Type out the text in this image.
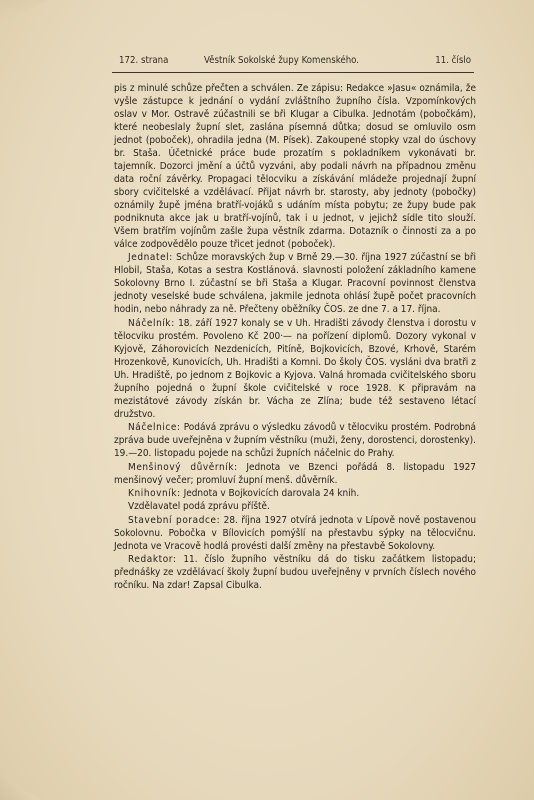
172. strana	Věstník Sokolské župy Komenského.	11. číslo

pis z minulé schůze přečten a schválen. Ze zápisu: Redakce »Jasu« oznámila, že vyšle zástupce k jednání o vydání zvláštního župního čísla. Vzpomínkových oslav v Mor. Ostravě zúčastnili se bři Klugar a Cibulka. Jednotám (pobočkám), které neobeslaly župní slet, zaslána písemná důtka; dosud se omluvilo osm jednot (poboček), ohradila jedna (M. Písek). Zakoupené stopky vzal do úschovy br. Staša. Účetnické práce bude prozatím s pokladníkem vykonávati br. tajemník. Dozorci jmění a účtů vyzváni, aby podali návrh na případnou změnu data roční závěrky. Propagaci tělocviku a získávání mládeže projednají župní sbory cvičitelské a vzdělávací. Přijat návrh br. starosty, aby jednoty (pobočky) oznámily župě jména bratří-vojáků s udáním místa pobytu; ze župy bude pak podniknuta akce jak u bratří-vojínů, tak i u jednot, v jejichž sídle tito slouží. Všem bratřím vojínům zašle župa věstník zdarma. Dotazník o činnosti za a po válce zodpovědělo pouze třicet jednot (poboček).

Jednatel: Schůze moravských žup v Brně 29.—30. října 1927 zúčastní se bři Hlobil, Staša, Kotas a sestra Kostlánová. slavnosti položení základního kamene Sokolovny Brno I. zúčastní se bři Staša a Klugar. Pracovní povinnost členstva jednoty veselské bude schválena, jakmile jednota ohlásí župě počet pracovních hodin, nebo náhrady za ně. Přečteny oběžníky ČOS. ze dne 7. a 17. října.

Náčelník: 18. září 1927 konaly se v Uh. Hradišti závody členstva i dorostu v tělocviku prostém. Povoleno Kč 200·— na pořízení diplomů. Dozory vykonal v Kyjově, Záhorovicích Nezdenicích, Pitíně, Bojkovicích, Bzové, Krhově, Starém Hrozenkově, Kunovicích, Uh. Hradišti a Komni. Do školy ČOS. vysláni dva bratři z Uh. Hradiště, po jednom z Bojkovic a Kyjova. Valná hromada cvičitelského sboru župního pojedná o župní škole cvičitelské v roce 1928. K připravám na mezistátové závody získán br. Vácha ze Zlína; bude též sestaveno létací družstvo.

Náčelnice: Podává zprávu o výsledku závodů v tělocviku prostém. Podrobná zpráva bude uveřejněna v župním věstníku (muži, ženy, dorostenci, dorostenky). 19.—20. listopadu pojede na schůzi župních náčelnic do Prahy.

Menšinový důvěrník: Jednota ve Bzenci pořádá 8. listopadu 1927 menšinový večer; promluví župní menš. důvěrník.

Knihovník: Jednota v Bojkovicích darovala 24 knih.

Vzdělavatel podá zprávu příště.

Stavební poradce: 28. října 1927 otvírá jednota v Lípově nově postavenou Sokolovnu. Pobočka v Bílovicích pomýšlí na přestavbu sýpky na tělocvičnu. Jednota ve Vracově hodlá provésti další změny na přestavbě Sokolovny.

Redaktor: 11. číslo župního věstníku dá do tisku začátkem listopadu; přednášky ze vzdělávací školy župní budou uveřejněny v prvních číslech nového ročníku. Na zdar! Zapsal Cibulka.
